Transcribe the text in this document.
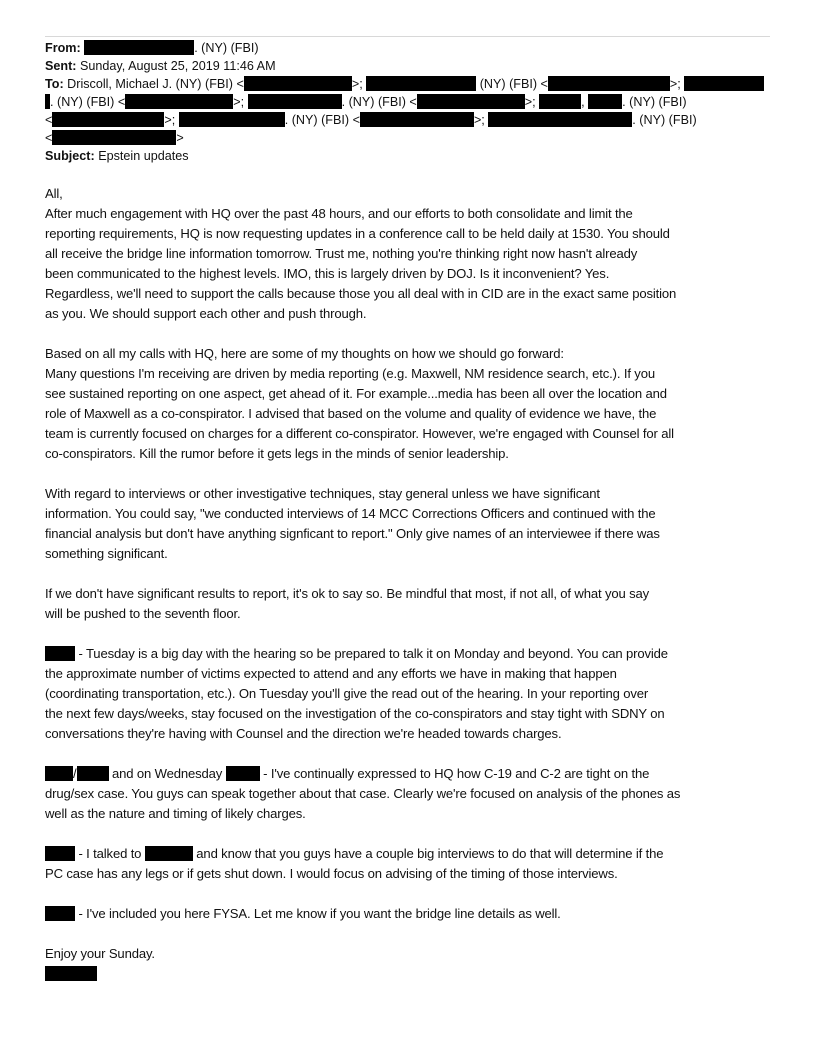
From:	. (NY) (FBI)
Sent: Sunday, August 25, 2019 11:46 AM
To: Driscoll, Michael J. (NY) (FBI) <	>;	(NY) (FBI) <	>;
. (NY) (FBI) <	>;	. (NY) (FBI) <	>;	,	. (NY) (FBI)
<	>;	. (NY) (FBI) <	>;	. (NY) (FBI)
<	>
Subject: Epstein updates
All,
After much engagement with HQ over the past 48 hours, and our efforts to both consolidate and limit the
reporting requirements, HQ is now requesting updates in a conference call to be held daily at 1530. You should
all receive the bridge line information tomorrow. Trust me, nothing you're thinking right now hasn't already
been communicated to the highest levels. IMO, this is largely driven by DOJ. Is it inconvenient? Yes.
Regardless, we'll need to support the calls because those you all deal with in CID are in the exact same position
as you. We should support each other and push through.
Based on all my calls with HQ, here are some of my thoughts on how we should go forward:
Many questions I'm receiving are driven by media reporting (e.g. Maxwell, NM residence search, etc.). If you
see sustained reporting on one aspect, get ahead of it. For example...media has been all over the location and
role of Maxwell as a co-conspirator. I advised that based on the volume and quality of evidence we have, the
team is currently focused on charges for a different co-conspirator. However, we're engaged with Counsel for all
co-conspirators. Kill the rumor before it gets legs in the minds of senior leadership.
With regard to interviews or other investigative techniques, stay general unless we have significant
information. You could say, "we conducted interviews of 14 MCC Corrections Officers and continued with the
financial analysis but don't have anything signficant to report." Only give names of an interviewee if there was
something significant.
If we don't have significant results to report, it's ok to say so. Be mindful that most, if not all, of what you say
will be pushed to the seventh floor.
- Tuesday is a big day with the hearing so be prepared to talk it on Monday and beyond. You can provide
the approximate number of victims expected to attend and any efforts we have in making that happen
(coordinating transportation, etc.). On Tuesday you'll give the read out of the hearing. In your reporting over
the next few days/weeks, stay focused on the investigation of the co-conspirators and stay tight with SDNY on
conversations they're having with Counsel and the direction we're headed towards charges.
/ and on Wednesday	- I've continually expressed to HQ how C-19 and C-2 are tight on the
drug/sex case. You guys can speak together about that case. Clearly we're focused on analysis of the phones as
well as the nature and timing of likely charges.
- I talked to	and know that you guys have a couple big interviews to do that will determine if the
PC case has any legs or if gets shut down. I would focus on advising of the timing of those interviews.
- I've included you here FYSA. Let me know if you want the bridge line details as well.
Enjoy your Sunday.
